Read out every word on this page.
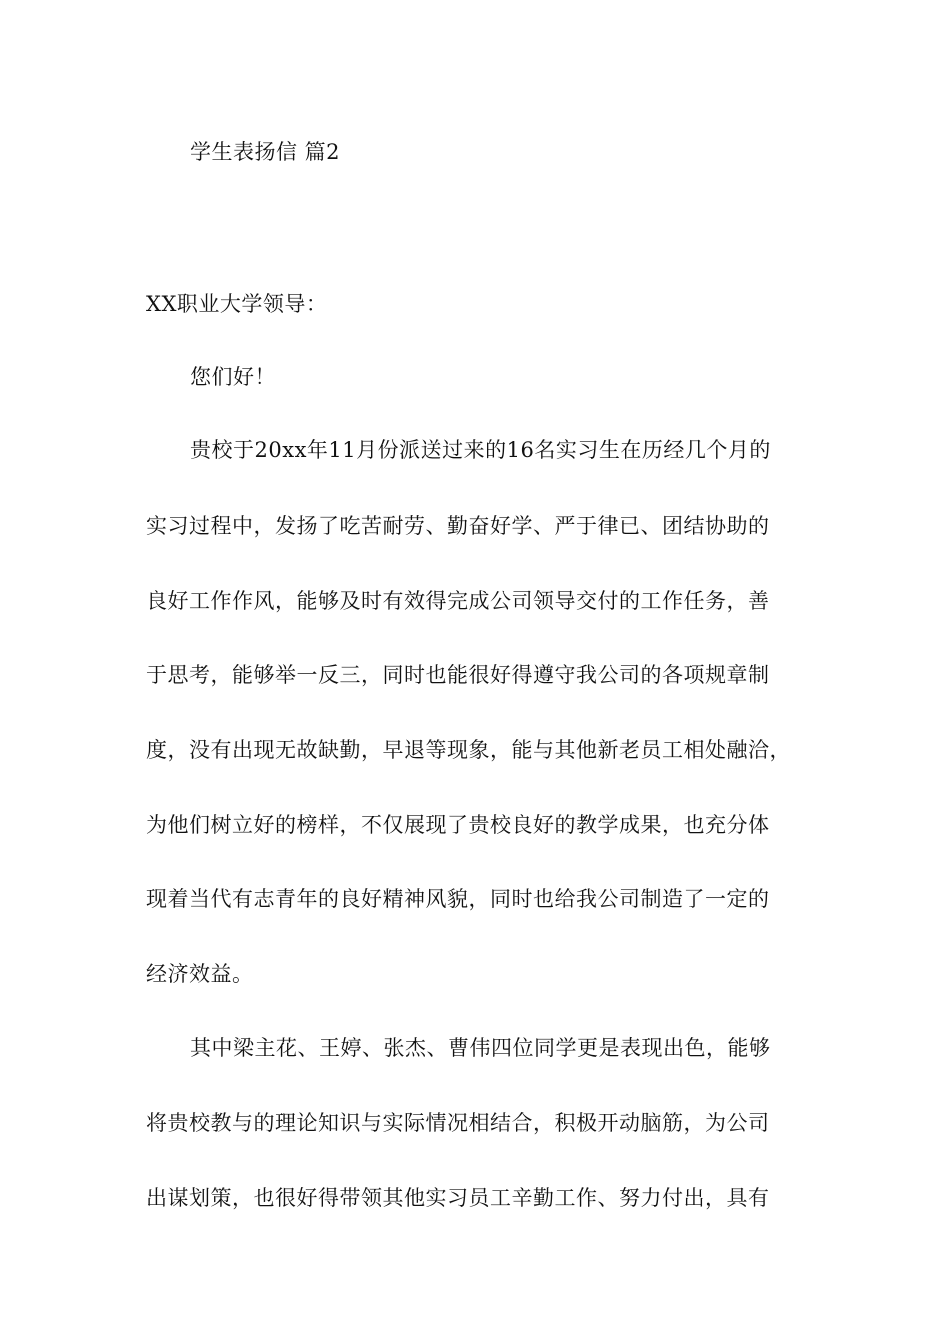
学生表扬信 篇2
XX职业大学领导：
您们好！
贵校于20xx年11月份派送过来的16名实习生在历经几个月的
实习过程中，发扬了吃苦耐劳、勤奋好学、严于律已、团结协助的
良好工作作风，能够及时有效得完成公司领导交付的工作任务，善
于思考，能够举一反三，同时也能很好得遵守我公司的各项规章制
度，没有出现无故缺勤，早退等现象，能与其他新老员工相处融洽，
为他们树立好的榜样，不仅展现了贵校良好的教学成果，也充分体
现着当代有志青年的良好精神风貌，同时也给我公司制造了一定的
经济效益。
其中梁主花、王婷、张杰、曹伟四位同学更是表现出色，能够
将贵校教与的理论知识与实际情况相结合，积极开动脑筋，为公司
出谋划策，也很好得带领其他实习员工辛勤工作、努力付出，具有
